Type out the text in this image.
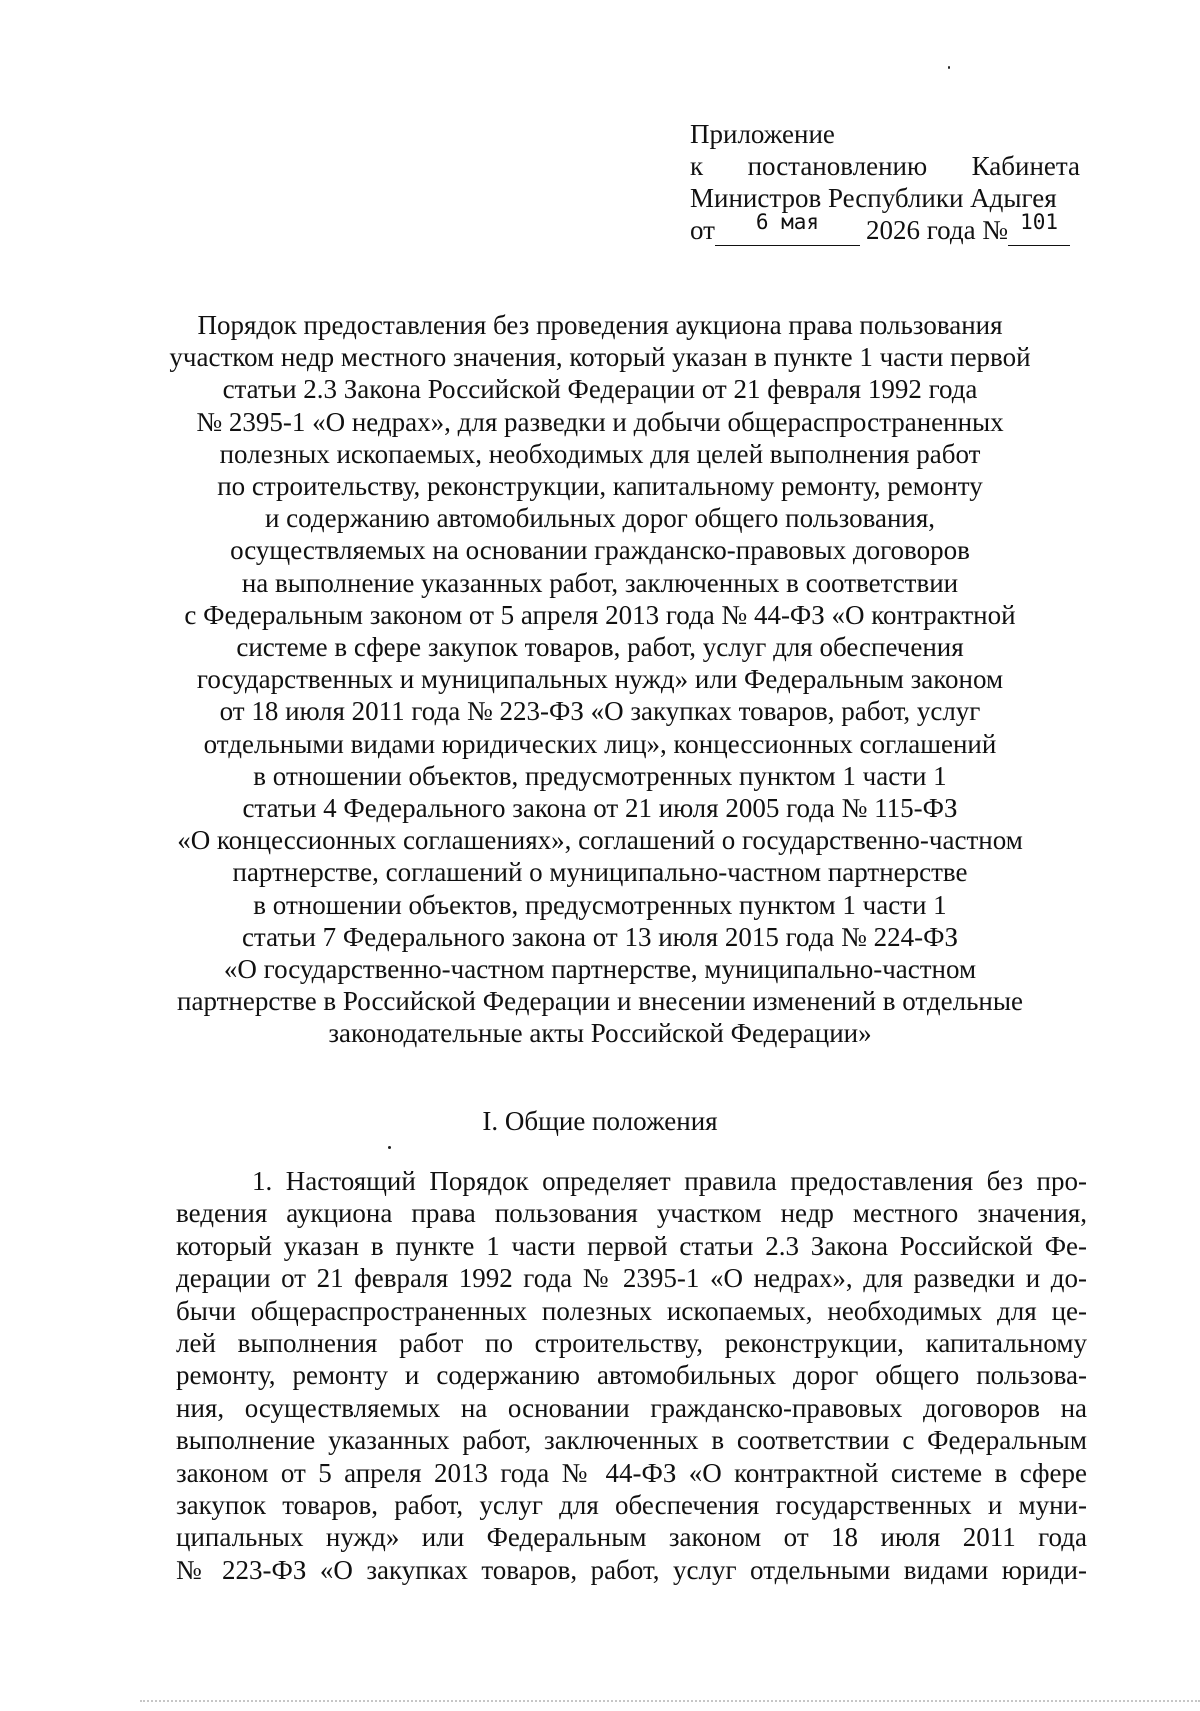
Приложение
к постановлению Кабинета
Министров Республики Адыгея
от	6 мая	2026 года № 101
Порядок предоставления без проведения аукциона права пользования
участком недр местного значения, который указан в пункте 1 части первой
статьи 2.3 Закона Российской Федерации от 21 февраля 1992 года
№ 2395-1 «О недрах», для разведки и добычи общераспространенных
полезных ископаемых, необходимых для целей выполнения работ
по строительству, реконструкции, капитальному ремонту, ремонту
и содержанию автомобильных дорог общего пользования,
осуществляемых на основании гражданско-правовых договоров
на выполнение указанных работ, заключенных в соответствии
с Федеральным законом от 5 апреля 2013 года № 44-ФЗ «О контрактной
системе в сфере закупок товаров, работ, услуг для обеспечения
государственных и муниципальных нужд» или Федеральным законом
от 18 июля 2011 года № 223-ФЗ «О закупках товаров, работ, услуг
отдельными видами юридических лиц», концессионных соглашений
в отношении объектов, предусмотренных пунктом 1 части 1
статьи 4 Федерального закона от 21 июля 2005 года № 115-ФЗ
«О концессионных соглашениях», соглашений о государственно-частном
партнерстве, соглашений о муниципально-частном партнерстве
в отношении объектов, предусмотренных пунктом 1 части 1
статьи 7 Федерального закона от 13 июля 2015 года № 224-ФЗ
«О государственно-частном партнерстве, муниципально-частном
партнерстве в Российской Федерации и внесении изменений в отдельные
законодательные акты Российской Федерации»
I. Общие положения
1. Настоящий Порядок определяет правила предоставления без про-
ведения аукциона права пользования участком недр местного значения,
который указан в пункте 1 части первой статьи 2.3 Закона Российской Фе-
дерации от 21 февраля 1992 года № 2395-1 «О недрах», для разведки и до-
бычи общераспространенных полезных ископаемых, необходимых для це-
лей выполнения работ по строительству, реконструкции, капитальному
ремонту, ремонту и содержанию автомобильных дорог общего пользова-
ния, осуществляемых на основании гражданско-правовых договоров на
выполнение указанных работ, заключенных в соответствии с Федеральным
законом от 5 апреля 2013 года № 44-ФЗ «О контрактной системе в сфере
закупок товаров, работ, услуг для обеспечения государственных и муни-
ципальных нужд» или Федеральным законом от 18 июля 2011 года
№ 223-ФЗ «О закупках товаров, работ, услуг отдельными видами юриди-
